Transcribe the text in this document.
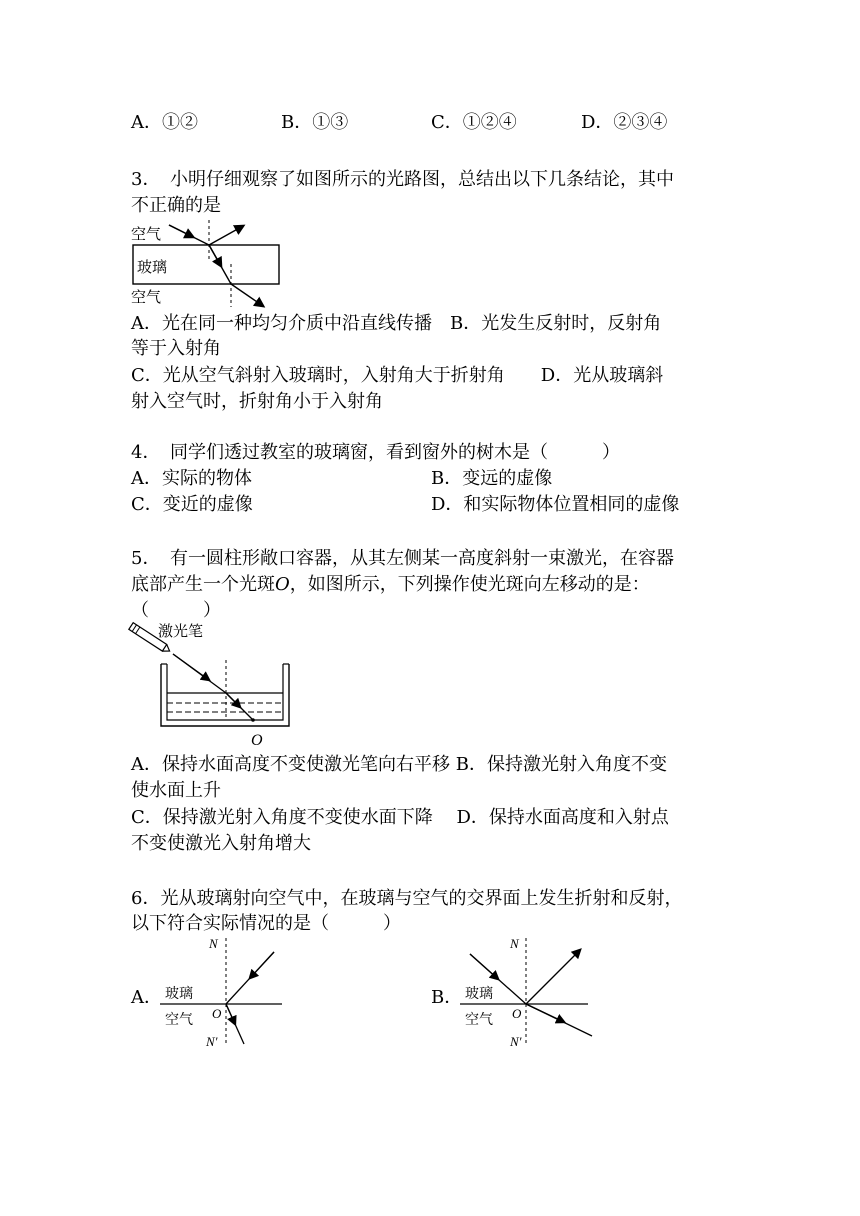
A．①②	B．①③	C．①②④	D．②③④
3． 小明仔细观察了如图所示的光路图，总结出以下几条结论，其中
不正确的是
空气
玻璃
空气
A．光在同一种均匀介质中沿直线传播　B．光发生反射时，反射角
等于入射角
C．光从空气斜射入玻璃时，入射角大于折射角　　D．光从玻璃斜
射入空气时，折射角小于入射角
4． 同学们透过教室的玻璃窗，看到窗外的树木是（　　　）
A．实际的物体	B．变远的虚像
C．变近的虚像	D．和实际物体位置相同的虚像
5． 有一圆柱形敞口容器，从其左侧某一高度斜射一束激光，在容器
底部产生一个光斑O，如图所示，下列操作使光斑向左移动的是：
（　　　）
激光笔
O
A．保持水面高度不变使激光笔向右平移 B．保持激光射入角度不变
使水面上升
C．保持激光射入角度不变使水面下降　 D．保持水面高度和入射点
不变使激光入射角增大
6．光从玻璃射向空气中，在玻璃与空气的交界面上发生折射和反射，
以下符合实际情况的是（　　　）
A．
N
玻璃
空气 O
N′
B．
N
玻璃
空气 O
N′
